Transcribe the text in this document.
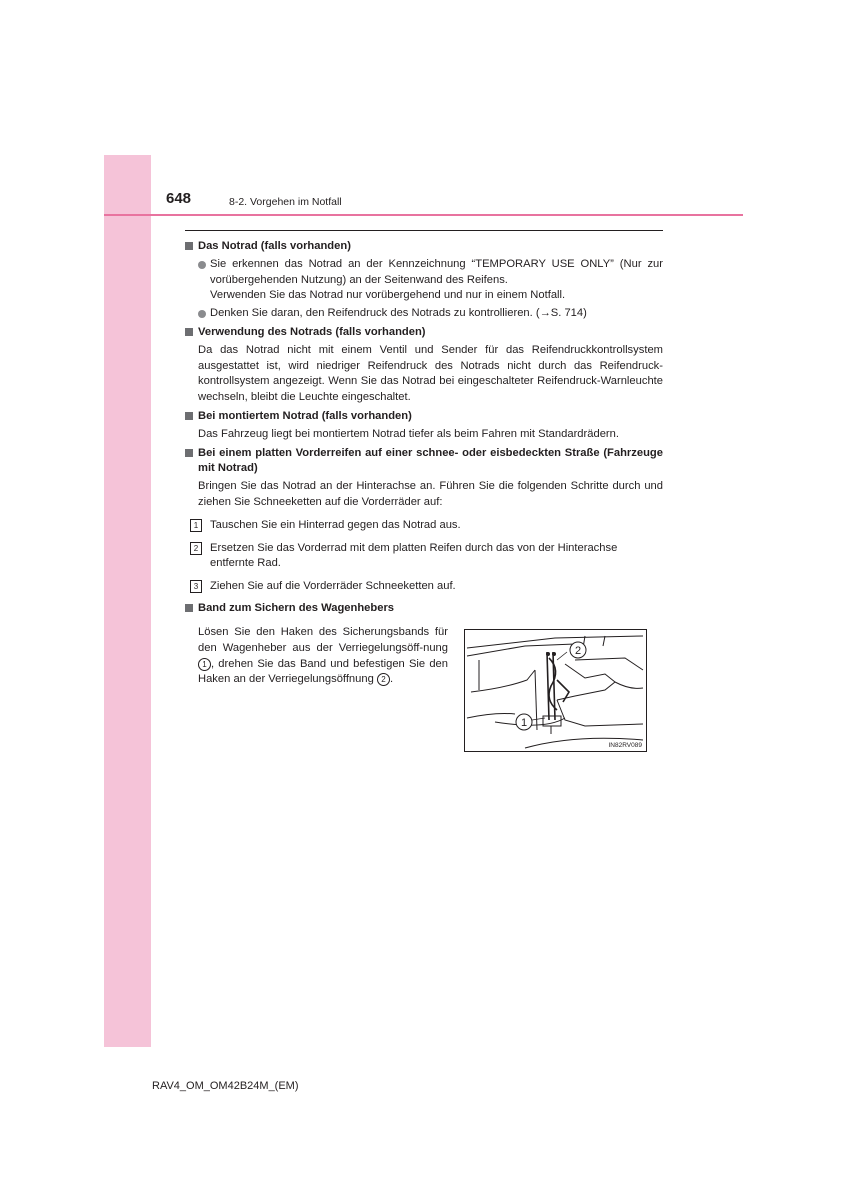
648	8-2. Vorgehen im Notfall
Das Notrad (falls vorhanden)
Sie erkennen das Notrad an der Kennzeichnung “TEMPORARY USE ONLY” (Nur zur vorübergehenden Nutzung) an der Seitenwand des Reifens.
Verwenden Sie das Notrad nur vorübergehend und nur in einem Notfall.
Denken Sie daran, den Reifendruck des Notrads zu kontrollieren. (→S. 714)
Verwendung des Notrads (falls vorhanden)
Da das Notrad nicht mit einem Ventil und Sender für das Reifendruckkontrollsystem ausgestattet ist, wird niedriger Reifendruck des Notrads nicht durch das Reifendruck-kontrollsystem angezeigt. Wenn Sie das Notrad bei eingeschalteter Reifendruck-Warnleuchte wechseln, bleibt die Leuchte eingeschaltet.
Bei montiertem Notrad (falls vorhanden)
Das Fahrzeug liegt bei montiertem Notrad tiefer als beim Fahren mit Standardrädern.
Bei einem platten Vorderreifen auf einer schnee- oder eisbedeckten Straße (Fahrzeuge mit Notrad)
Bringen Sie das Notrad an der Hinterachse an. Führen Sie die folgenden Schritte durch und ziehen Sie Schneeketten auf die Vorderräder auf:
1	Tauschen Sie ein Hinterrad gegen das Notrad aus.
2	Ersetzen Sie das Vorderrad mit dem platten Reifen durch das von der Hinterachse entfernte Rad.
3	Ziehen Sie auf die Vorderräder Schneeketten auf.
Band zum Sichern des Wagenhebers
Lösen Sie den Haken des Sicherungsbands für den Wagenheber aus der Verriegelungsöff-nung 1 , drehen Sie das Band und befestigen Sie den Haken an der Verriegelungsöffnung 2 .
2
1
IN82RV089
RAV4_OM_OM42B24M_(EM)
